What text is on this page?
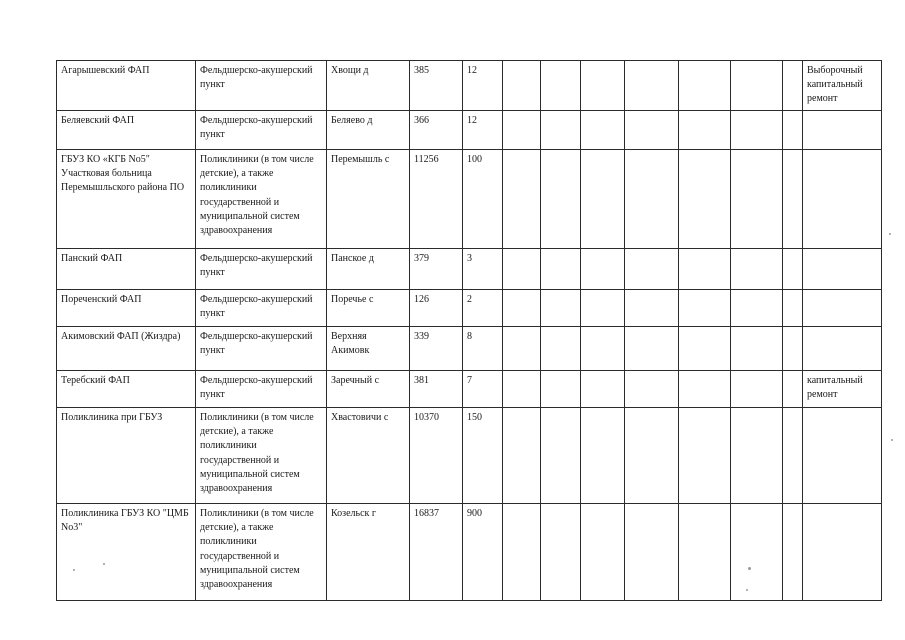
Агарышевский ФАП	Фельдшерско-акушерский пункт	Хвощи д	385	12								Выборочный капитальный ремонт
Беляевский ФАП	Фельдшерско-акушерский пункт	Беляево д	366	12								
ГБУЗ КО «КГБ No5" Участковая больница Перемышльского района ПО	Поликлиники (в том числе детские), а также поликлиники государственной и муниципальной систем здравоохранения	Перемышль с	11256	100								
Панский ФАП	Фельдшерско-акушерский пункт	Панское д	379	3								
Пореченский ФАП	Фельдшерско-акушерский пункт	Поречье с	126	2								
Акимовский ФАП (Жиздра)	Фельдшерско-акушерский пункт	Верхняя Акимовк	339	8								
Теребский ФАП	Фельдшерско-акушерский пункт	Заречный с	381	7								капитальный ремонт
Поликлиника при ГБУЗ	Поликлиники (в том числе детские), а также поликлиники государственной и муниципальной систем здравоохранения	Хвастовичи с	10370	150								
Поликлиника ГБУЗ КО "ЦМБ No3"	Поликлиники (в том числе детские), а также поликлиники государственной и муниципальной систем здравоохранения	Козельск г	16837	900								
